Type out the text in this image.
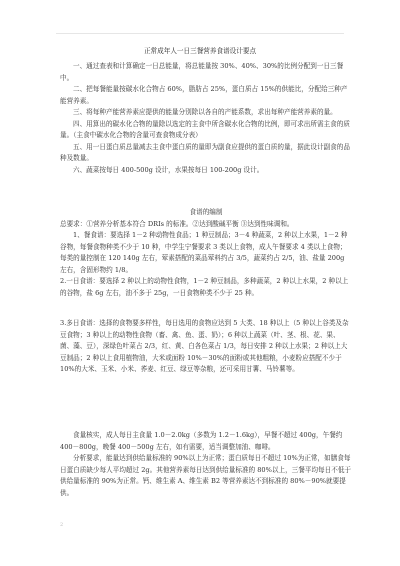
正常成年人一日三餐营养食谱设计要点

一、通过查表和计算确定一日总能量，将总能量按 30%、40%、30%的比例分配到一日三餐中。

二、把每餐能量按碳水化合物占 60%，脂肪占 25%，蛋白质占 15%的供能比，分配给三种产能营养素。

三、将每种产能营养素应提供的能量分别除以各自的产能系数，求出每种产能营养素的量。

四、用算出的碳水化合物的量除以选定的主食中所含碳水化合物的比例，即可求出所需主食的质量。（主食中碳水化合物的含量可查食物成分表）

五、用一日蛋白质总量减去主食中蛋白质的量即为副食应提供的蛋白质的量，据此设计副食的品种及数量。

六、蔬菜按每日 400-500g 设计，水果按每日 100-200g 设计。

食谱的编制

总要求：①营养分析基本符合 DRIs 的标准。②达到酸碱平衡 ③达到性味调和。

1、餐食谱：要选择 1－2 种动物性食品；1 种豆制品；3－4 种蔬菜，2 种以上水果，1－2 种谷物，每餐食物种类不少于 10 种，中学生宁餐要求 3 类以上食物，成人午餐要求 4 类以上食物；每类的量控制在 120 140g 左右，荤素搭配的菜品荤料约占 3/5，蔬菜约占 2/5，油、盐量 200g 左右，含固形物约 1/8。

2.一日食谱：要选择 2 种以上的动物性食物，1－2 种豆制品，多种蔬菜，2 种以上水果，2 种以上的谷物，盐 6g 左右，油不多于 25g，一日食物种类不少于 25 种。

3.多日食谱：选择的食物要多样性，每日选用的食物应达到 5 大类、18 种以上（5 种以上谷类及杂豆食物；3 种以上的动物性食物（畜、禽、鱼、蛋、奶）；6 种以上蔬菜（叶、茎、根、花、果、菌、藻、豆），深绿色叶菜占 2/3，红、黄、白各色菜占 1/3，每日安排 2 种以上水果；2 种以上大豆制品；2 种以上食用植物油，大米或面粉 10%－30%的面粉或其他粗粮，小麦粉应搭配不少于 10%的大米、玉米、小米、荞麦、红豆、绿豆等杂粮，还可采用甘薯、马铃薯等。

食量核实，成人每日主食量 1.0－2.0kg（多数为 1.2－1.6kg），早餐不超过 400g，午餐约 400－800g，晚餐 400－500g 左右，如有需要，适当调整加油、咖啡。

分析要求，能量达到供给量标准的 90%以上为正常；蛋白质每日不超过 10%为正常，如膳食每日蛋白质缺少每人平均超过 2g。其他营养素每日达到供给量标准的 80%以上，三餐平均每日不低于供给量标准的 90%为正常。钙、维生素 A、维生素 B2 等营养素达不到标准的 80%－90%就要提供。

2
